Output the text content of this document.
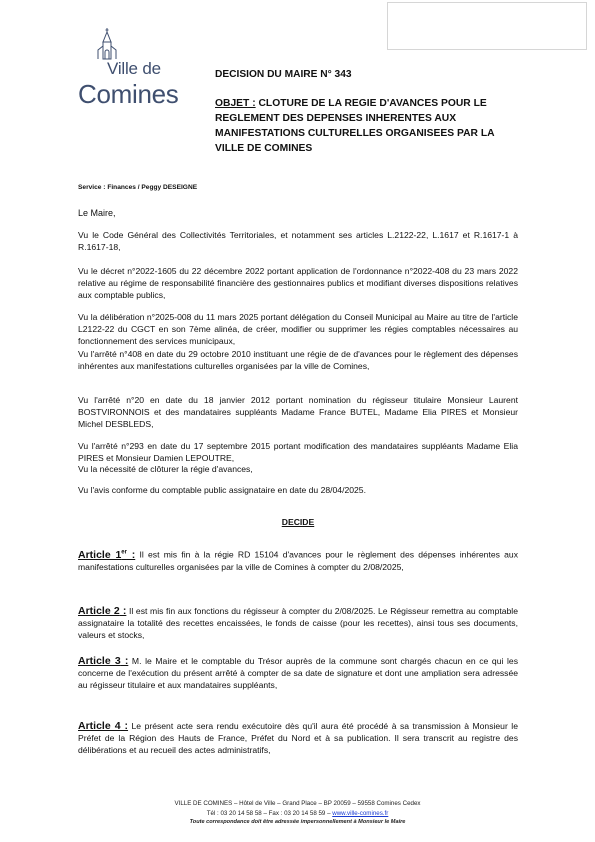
Ville de
Comines
DECISION DU MAIRE N° 343
OBJET : CLOTURE DE LA REGIE D'AVANCES POUR LE REGLEMENT DES DEPENSES INHERENTES AUX MANIFESTATIONS CULTURELLES ORGANISEES PAR LA VILLE DE COMINES
Service : Finances / Peggy DESEIGNE

Le Maire,

Vu le Code Général des Collectivités Territoriales, et notamment ses articles L.2122-22, L.1617 et R.1617-1 à R.1617-18,

Vu le décret n°2022-1605 du 22 décembre 2022 portant application de l'ordonnance n°2022-408 du 23 mars 2022 relative au régime de responsabilité financière des gestionnaires publics et modifiant diverses dispositions relatives aux comptable publics,

Vu la délibération n°2025-008 du 11 mars 2025 portant délégation du Conseil Municipal au Maire au titre de l'article L2122-22 du CGCT en son 7ème alinéa, de créer, modifier ou supprimer les régies comptables nécessaires au fonctionnement des services municipaux,

Vu l'arrêté n°408 en date du 29 octobre 2010 instituant une régie de de d'avances pour le règlement des dépenses inhérentes aux manifestations culturelles organisées par la ville de Comines,

Vu l'arrêté n°20 en date du 18 janvier 2012 portant nomination du régisseur titulaire Monsieur Laurent BOSTVIRONNOIS et des mandataires suppléants Madame France BUTEL, Madame Elia PIRES et Monsieur Michel DESBLEDS,

Vu l'arrêté n°293 en date du 17 septembre 2015 portant modification des mandataires suppléants Madame Elia PIRES et Monsieur Damien LEPOUTRE,

Vu la nécessité de clôturer la régie d'avances,

Vu l'avis conforme du comptable public assignataire en date du 28/04/2025.

DECIDE

Article 1er : Il est mis fin à la régie RD 15104 d'avances pour le règlement des dépenses inhérentes aux manifestations culturelles organisées par la ville de Comines à compter du 2/08/2025,

Article 2 : Il est mis fin aux fonctions du régisseur à compter du 2/08/2025. Le Régisseur remettra au comptable assignataire la totalité des recettes encaissées, le fonds de caisse (pour les recettes), ainsi tous ses documents, valeurs et stocks,

Article 3 : M. le Maire et le comptable du Trésor auprès de la commune sont chargés chacun en ce qui les concerne de l'exécution du présent arrêté à compter de sa date de signature et dont une ampliation sera adressée au régisseur titulaire et aux mandataires suppléants,

Article 4 : Le présent acte sera rendu exécutoire dès qu'il aura été procédé à sa transmission à Monsieur le Préfet de la Région des Hauts de France, Préfet du Nord et à sa publication. Il sera transcrit au registre des délibérations et au recueil des actes administratifs,

VILLE DE COMINES – Hôtel de Ville – Grand Place – BP 20059 – 59558 Comines Cedex
Tél : 03 20 14 58 58 – Fax : 03 20 14 58 59 – www.ville-comines.fr
Toute correspondance doit être adressée impersonnellement à Monsieur le Maire
